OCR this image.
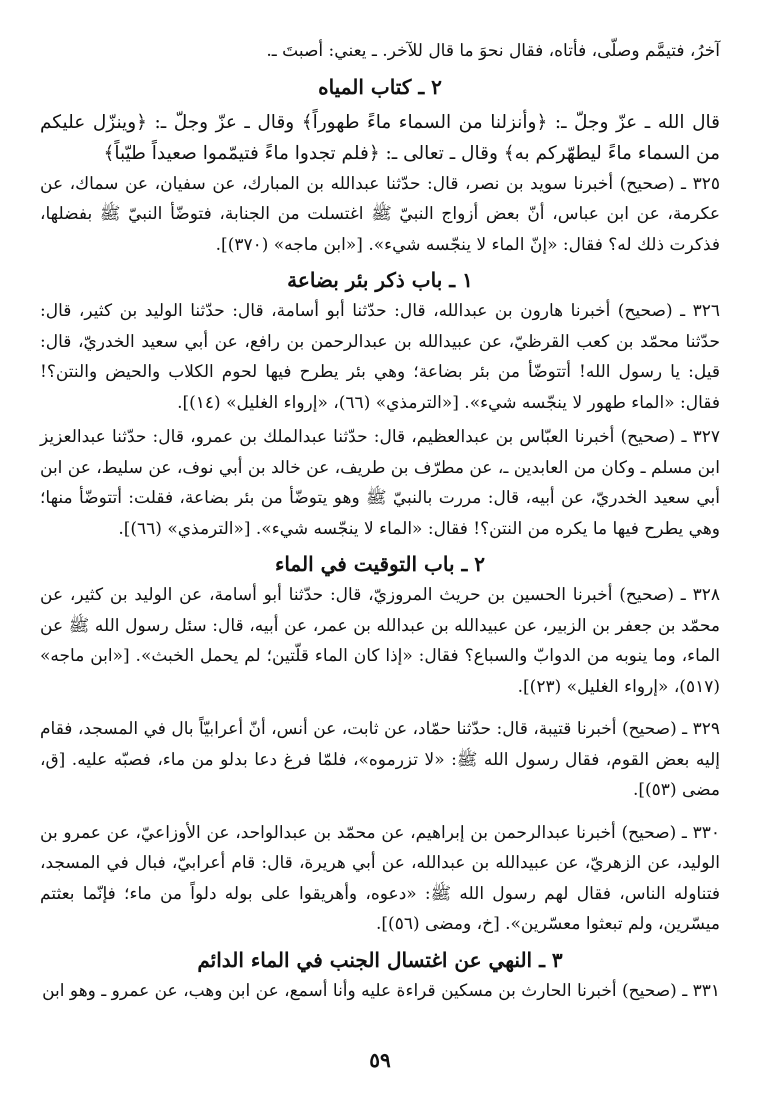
آخرُ، فتيمَّم وصلّى، فأتاه، فقال نحوَ ما قال للآخر. ـ يعني: أصبتَ ـ.

٢ ـ كتاب المياه

قال الله ـ عزّ وجلّ ـ: ﴿وأنزلنا من السماء ماءً طهوراً﴾ وقال ـ عزّ وجلّ ـ: ﴿وينزّل عليكم من السماء ماءً ليطهّركم به﴾ وقال ـ تعالى ـ: ﴿فلم تجدوا ماءً فتيمّموا صعيداً طيّباً﴾

٣٢٥ ـ (صحيح) أخبرنا سويد بن نصر، قال: حدّثنا عبدالله بن المبارك، عن سفيان، عن سماك، عن عكرمة، عن ابن عباس، أنّ بعض أزواج النبيّ ﷺ اغتسلت من الجنابة، فتوضّأ النبيّ ﷺ بفضلها، فذكرت ذلك له؟ فقال: «إنّ الماء لا ينجّسه شيء». [«ابن ماجه» (٣٧٠)].

١ ـ باب ذكر بئر بضاعة

٣٢٦ ـ (صحيح) أخبرنا هارون بن عبدالله، قال: حدّثنا أبو أسامة، قال: حدّثنا الوليد بن كثير، قال: حدّثنا محمّد بن كعب القرظيّ، عن عبيدالله بن عبدالرحمن بن رافع، عن أبي سعيد الخدريّ، قال: قيل: يا رسول الله! أتتوضّأ من بئر بضاعة؛ وهي بئر يطرح فيها لحوم الكلاب والحيض والنتن؟! فقال: «الماء طهور لا ينجّسه شيء». [«الترمذي» (٦٦)، «إرواء الغليل» (١٤)].

٣٢٧ ـ (صحيح) أخبرنا العبّاس بن عبدالعظيم، قال: حدّثنا عبدالملك بن عمرو، قال: حدّثنا عبدالعزيز ابن مسلم ـ وكان من العابدين ـ، عن مطرّف بن طريف، عن خالد بن أبي نوف، عن سليط، عن ابن أبي سعيد الخدريّ، عن أبيه، قال: مررت بالنبيّ ﷺ وهو يتوضّأ من بئر بضاعة، فقلت: أتتوضّأ منها؛ وهي يطرح فيها ما يكره من النتن؟! فقال: «الماء لا ينجّسه شيء». [«الترمذي» (٦٦)].

٢ ـ باب التوقيت في الماء

٣٢٨ ـ (صحيح) أخبرنا الحسين بن حريث المروزيّ، قال: حدّثنا أبو أسامة، عن الوليد بن كثير، عن محمّد بن جعفر بن الزبير، عن عبيدالله بن عبدالله بن عمر، عن أبيه، قال: سئل رسول الله ﷺ عن الماء، وما ينوبه من الدوابّ والسباع؟ فقال: «إذا كان الماء قلّتين؛ لم يحمل الخبث». [«ابن ماجه» (٥١٧)، «إرواء الغليل» (٢٣)].

٣٢٩ ـ (صحيح) أخبرنا قتيبة، قال: حدّثنا حمّاد، عن ثابت، عن أنس، أنّ أعرابيّاً بال في المسجد، فقام إليه بعض القوم، فقال رسول الله ﷺ: «لا تزرموه»، فلمّا فرغ دعا بدلو من ماء، فصبّه عليه. [ق، مضى (٥٣)].

٣٣٠ ـ (صحيح) أخبرنا عبدالرحمن بن إبراهيم، عن محمّد بن عبدالواحد، عن الأوزاعيّ، عن عمرو بن الوليد، عن الزهريّ، عن عبيدالله بن عبدالله، عن أبي هريرة، قال: قام أعرابيّ، فبال في المسجد، فتناوله الناس، فقال لهم رسول الله ﷺ: «دعوه، وأهريقوا على بوله دلواً من ماء؛ فإنّما بعثتم ميسّرين، ولم تبعثوا معسّرين». [خ، ومضى (٥٦)].

٣ ـ النهي عن اغتسال الجنب في الماء الدائم

٣٣١ ـ (صحيح) أخبرنا الحارث بن مسكين قراءة عليه وأنا أسمع، عن ابن وهب، عن عمرو ـ وهو ابن

٥٩
